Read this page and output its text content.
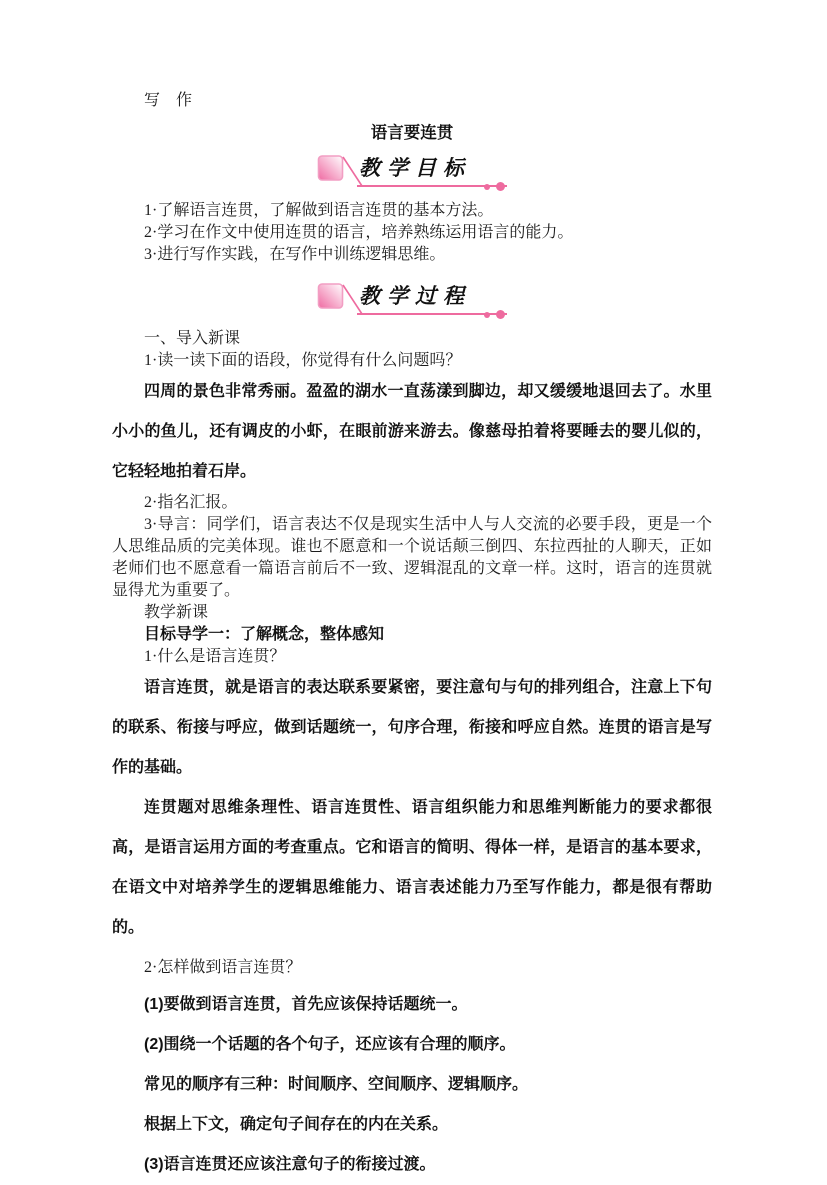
写　作

语言要连贯

教学目标

1·了解语言连贯，了解做到语言连贯的基本方法。

2·学习在作文中使用连贯的语言，培养熟练运用语言的能力。

3·进行写作实践，在写作中训练逻辑思维。

教学过程

一、导入新课

1·读一读下面的语段，你觉得有什么问题吗？

四周的景色非常秀丽。盈盈的湖水一直荡漾到脚边，却又缓缓地退回去了。水里小小的鱼儿，还有调皮的小虾，在眼前游来游去。像慈母拍着将要睡去的婴儿似的，它轻轻地拍着石岸。

2·指名汇报。

3·导言：同学们，语言表达不仅是现实生活中人与人交流的必要手段，更是一个人思维品质的完美体现。谁也不愿意和一个说话颠三倒四、东拉西扯的人聊天，正如老师们也不愿意看一篇语言前后不一致、逻辑混乱的文章一样。这时，语言的连贯就显得尤为重要了。

教学新课

目标导学一：了解概念，整体感知

1·什么是语言连贯？

语言连贯，就是语言的表达联系要紧密，要注意句与句的排列组合，注意上下句的联系、衔接与呼应，做到话题统一，句序合理，衔接和呼应自然。连贯的语言是写作的基础。

连贯题对思维条理性、语言连贯性、语言组织能力和思维判断能力的要求都很高，是语言运用方面的考查重点。它和语言的简明、得体一样，是语言的基本要求，在语文中对培养学生的逻辑思维能力、语言表述能力乃至写作能力，都是很有帮助的。

2·怎样做到语言连贯？

(1)要做到语言连贯，首先应该保持话题统一。

(2)围绕一个话题的各个句子，还应该有合理的顺序。

常见的顺序有三种：时间顺序、空间顺序、逻辑顺序。

根据上下文，确定句子间存在的内在关系。

(3)语言连贯还应该注意句子的衔接过渡。
